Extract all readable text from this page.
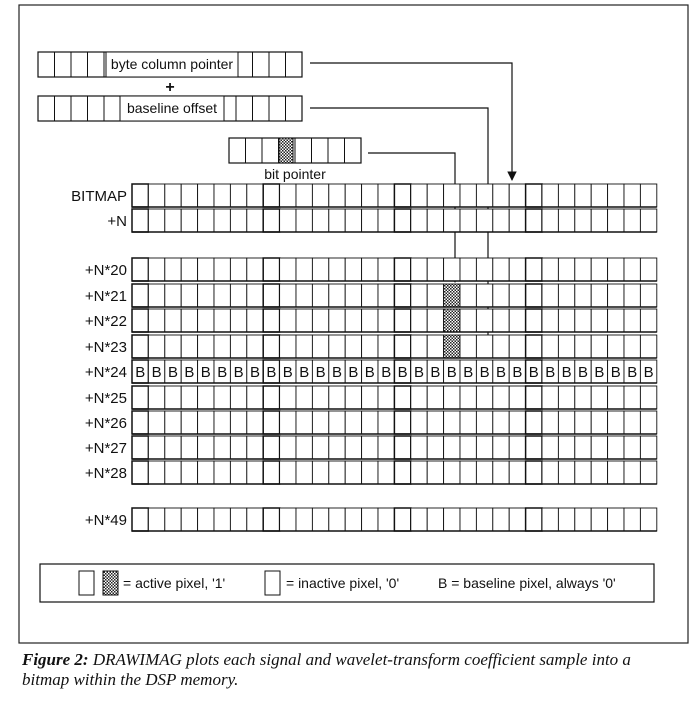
byte column pointer
+
baseline offset
bit pointer
BITMAP
+N
+N*20
+N*21
+N*22
+N*23
+N*24 B B B B B B B B B B B B B B B B B B B B B B B B B B B B B B B B
+N*25
+N*26
+N*27
+N*28
+N*49
= active pixel, '1'	= inactive pixel, '0'	B = baseline pixel, always '0'
Figure 2: DRAWIMAG plots each signal and wavelet-transform coefficient sample into a bitmap within the DSP memory.
